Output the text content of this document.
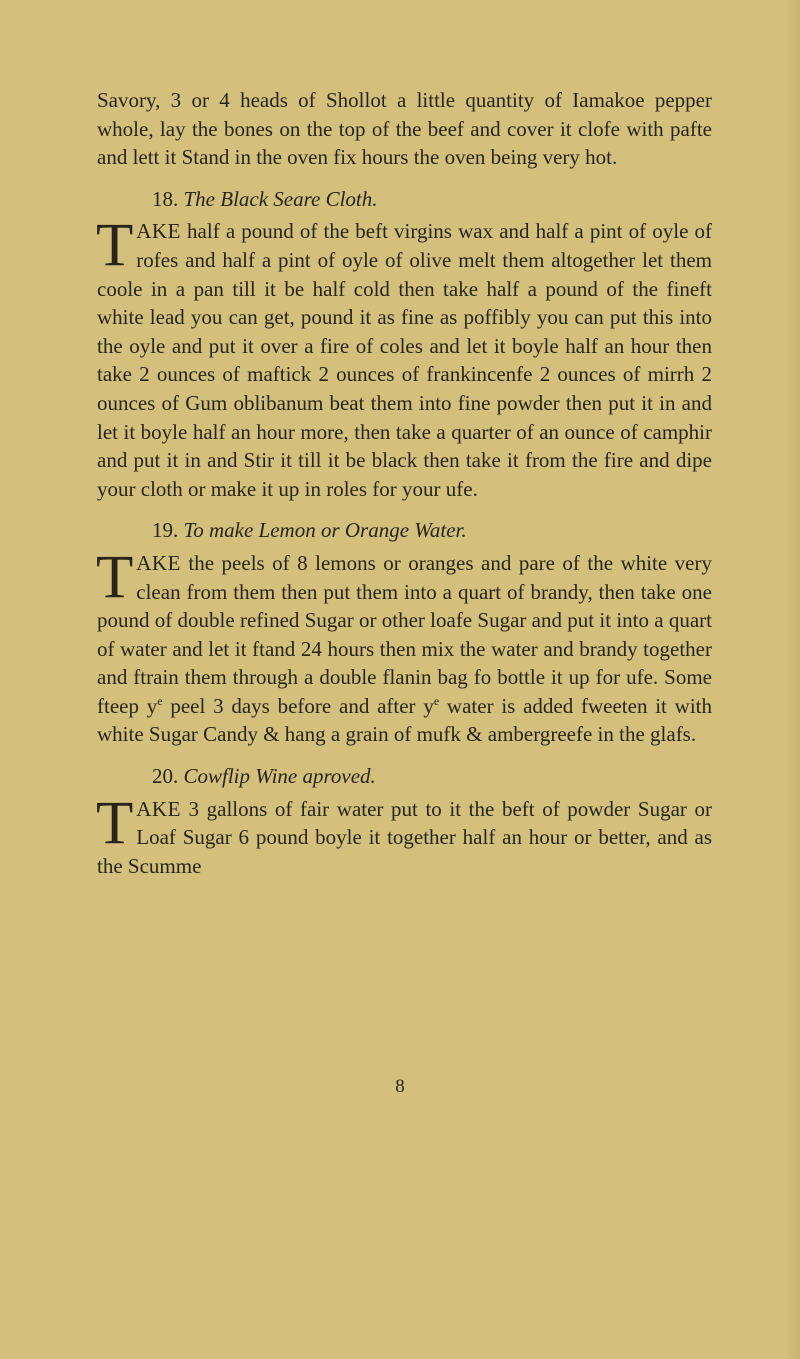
Savory, 3 or 4 heads of Shollot a little quantity of Iamakoe pepper whole, lay the bones on the top of the beef and cover it clofe with pafte and lett it Stand in the oven fix hours the oven being very hot.

18. The Black Seare Cloth.

TAKE half a pound of the beft virgins wax and half a pint of oyle of rofes and half a pint of oyle of olive melt them altogether let them coole in a pan till it be half cold then take half a pound of the fineft white lead you can get, pound it as fine as poffibly you can put this into the oyle and put it over a fire of coles and let it boyle half an hour then take 2 ounces of maftick 2 ounces of frankincenfe 2 ounces of mirrh 2 ounces of Gum oblibanum beat them into fine powder then put it in and let it boyle half an hour more, then take a quarter of an ounce of camphir and put it in and Stir it till it be black then take it from the fire and dipe your cloth or make it up in roles for your ufe.

19. To make Lemon or Orange Water.

TAKE the peels of 8 lemons or oranges and pare of the white very clean from them then put them into a quart of brandy, then take one pound of double refined Sugar or other loafe Sugar and put it into a quart of water and let it ftand 24 hours then mix the water and brandy together and ftrain them through a double flanin bag fo bottle it up for ufe. Some fteep $y^e$ peel 3 days before and after $y^e$ water is added fweeten it with white Sugar Candy & hang a grain of mufk & ambergreefe in the glafs.

20. Cowflip Wine aproved.

TAKE 3 gallons of fair water put to it the beft of powder Sugar or Loaf Sugar 6 pound boyle it together half an hour or better, and as the Scumme

8
